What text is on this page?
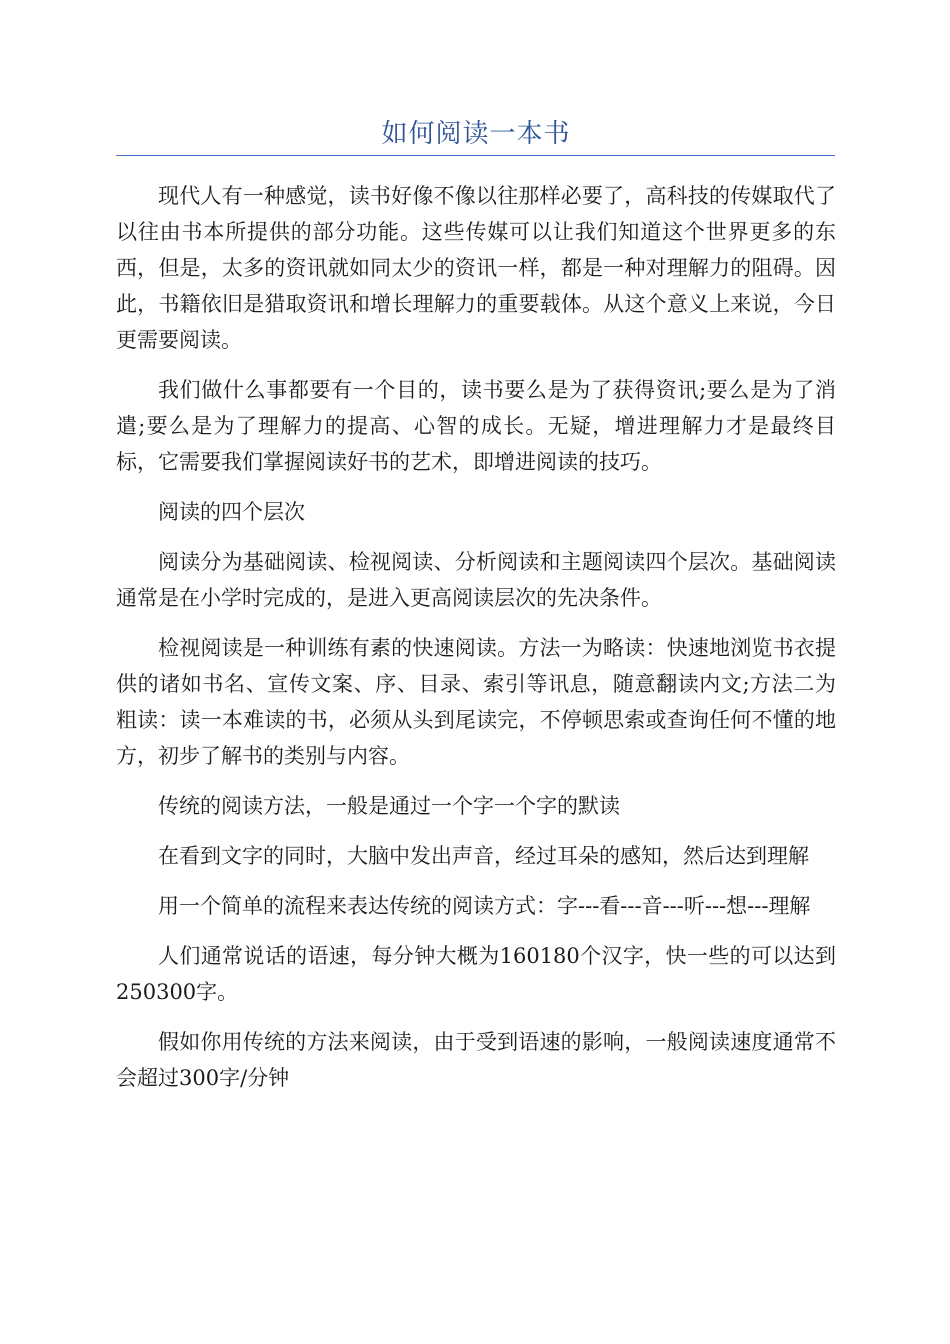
如何阅读一本书

现代人有一种感觉，读书好像不像以往那样必要了，高科技的传媒取代了以往由书本所提供的部分功能。这些传媒可以让我们知道这个世界更多的东西，但是，太多的资讯就如同太少的资讯一样，都是一种对理解力的阻碍。因此，书籍依旧是猎取资讯和增长理解力的重要载体。从这个意义上来说，今日更需要阅读。

我们做什么事都要有一个目的，读书要么是为了获得资讯;要么是为了消遣;要么是为了理解力的提高、心智的成长。无疑，增进理解力才是最终目标，它需要我们掌握阅读好书的艺术，即增进阅读的技巧。

阅读的四个层次

阅读分为基础阅读、检视阅读、分析阅读和主题阅读四个层次。基础阅读通常是在小学时完成的，是进入更高阅读层次的先决条件。

检视阅读是一种训练有素的快速阅读。方法一为略读：快速地浏览书衣提供的诸如书名、宣传文案、序、目录、索引等讯息，随意翻读内文;方法二为粗读：读一本难读的书，必须从头到尾读完，不停顿思索或查询任何不懂的地方，初步了解书的类别与内容。

传统的阅读方法，一般是通过一个字一个字的默读

在看到文字的同时，大脑中发出声音，经过耳朵的感知，然后达到理解

用一个简单的流程来表达传统的阅读方式：字---看---音---听---想---理解

人们通常说话的语速，每分钟大概为160180个汉字，快一些的可以达到250300字。

假如你用传统的方法来阅读，由于受到语速的影响，一般阅读速度通常不会超过300字/分钟
